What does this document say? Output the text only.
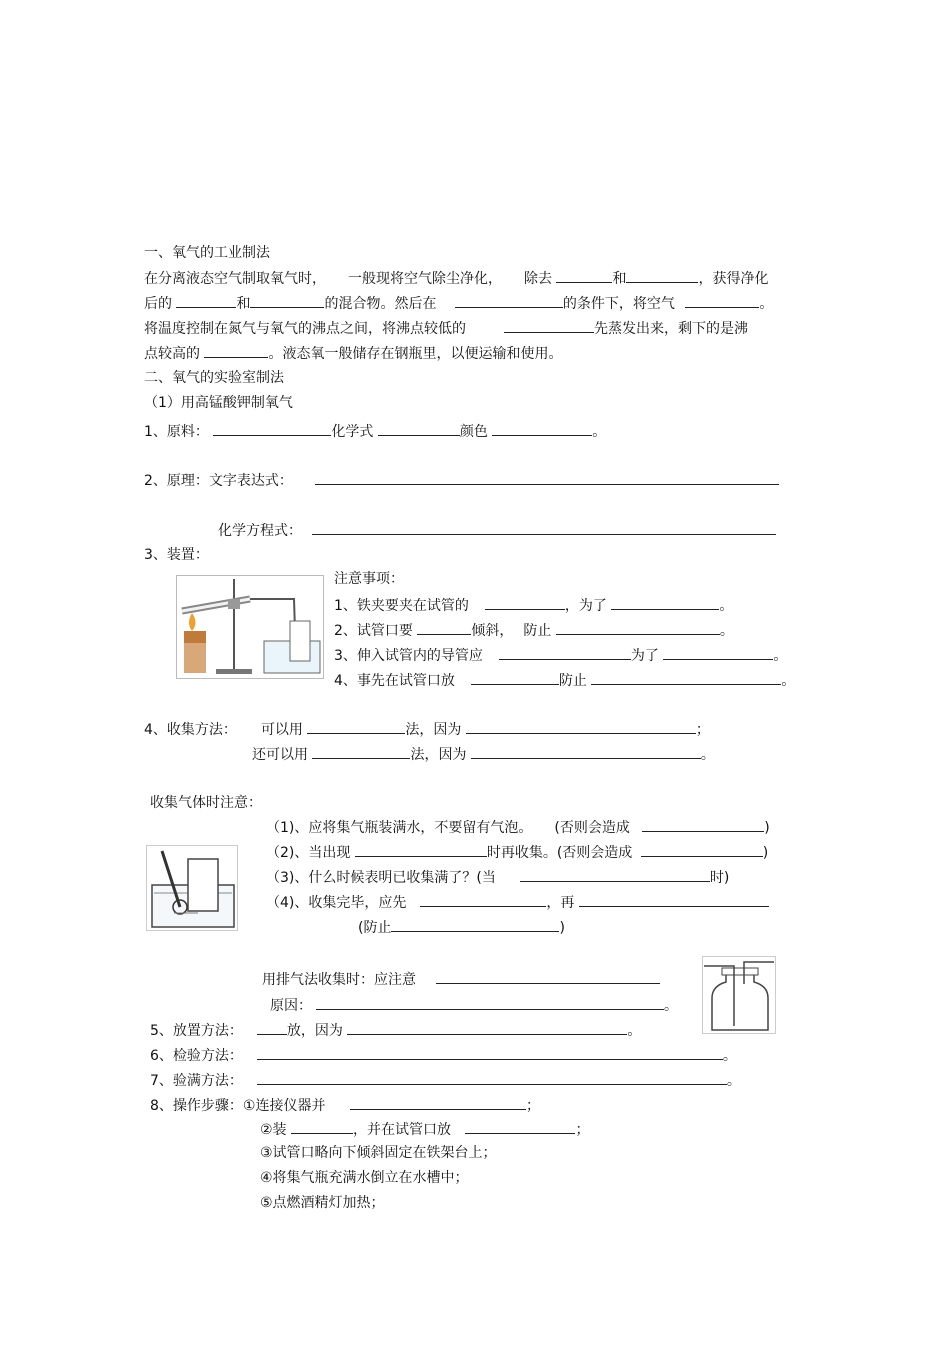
一、氧气的工业制法
在分离液态空气制取氧气时， 一般现将空气除尘净化， 除去	和	，获得净化
后的	和	的混合物。然后在	的条件下，将空气	。
将温度控制在氮气与氧气的沸点之间，将沸点较低的	先蒸发出来，剩下的是沸
点较高的	。液态氧一般储存在钢瓶里，以便运输和使用。
二、氧气的实验室制法
（1）用高锰酸钾制氧气
1、原料：	化学式	颜色	。
2、原理：文字表达式：
化学方程式：
3、装置：
注意事项：
1、铁夹要夹在试管的	，为了	。
2、试管口要	倾斜， 防止	。
3、伸入试管内的导管应	为了	。
4、事先在试管口放	防止	。
4、收集方法： 可以用	法，因为	；
还可以用	法，因为	。
收集气体时注意：
（1)、应将集气瓶装满水，不要留有气泡。 (否则会造成	)
（2)、当出现	时再收集。(否则会造成	)
（3)、什么时候表明已收集满了？(当	时)
（4)、收集完毕，应先	，再
(防止	)
用排气法收集时：应注意
原因：	。
5、放置方法：	放，因为	。
6、检验方法：	。
7、验满方法：	。
8、操作步骤：①连接仪器并	；
②装	，并在试管口放	；
③试管口略向下倾斜固定在铁架台上；
④将集气瓶充满水倒立在水槽中；
⑤点燃酒精灯加热；
